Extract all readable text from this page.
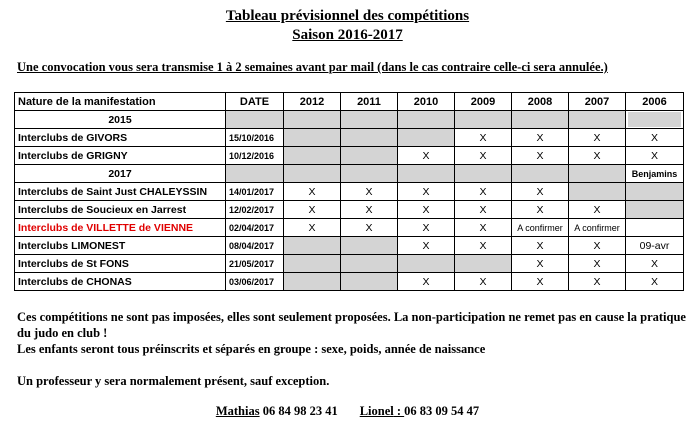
Tableau prévisionnel des compétitions
Saison 2016-2017
Une convocation vous sera transmise 1 à 2 semaines avant par mail (dans le cas contraire celle-ci sera annulée.)
Nature de la manifestation	DATE	2012	2011	2010	2009	2008	2007	2006
2015								

Interclubs de GIVORS	15/10/2016				X	X	X	X
Interclubs de GRIGNY	10/12/2016			X	X	X	X	X
2017								Benjamins
Interclubs de Saint Just CHALEYSSIN	14/01/2017	X	X	X	X	X		
Interclubs de Soucieux en Jarrest	12/02/2017	X	X	X	X	X	X	
Interclubs de VILLETTE de VIENNE	02/04/2017	X	X	X	X	A confirmer	A confirmer	
Interclubs LIMONEST	08/04/2017			X	X	X	X	09-avr
Interclubs de St FONS	21/05/2017					X	X	X
Interclubs de CHONAS	03/06/2017			X	X	X	X	X

Ces compétitions ne sont pas imposées, elles sont seulement proposées. La non-participation ne remet pas en cause la pratique du judo en club !

Les enfants seront tous préinscrits et séparés en groupe : sexe, poids, année de naissance

Un professeur y sera normalement présent, sauf exception.

Mathias 06 84 98 23 41 Lionel : 06 83 09 54 47
